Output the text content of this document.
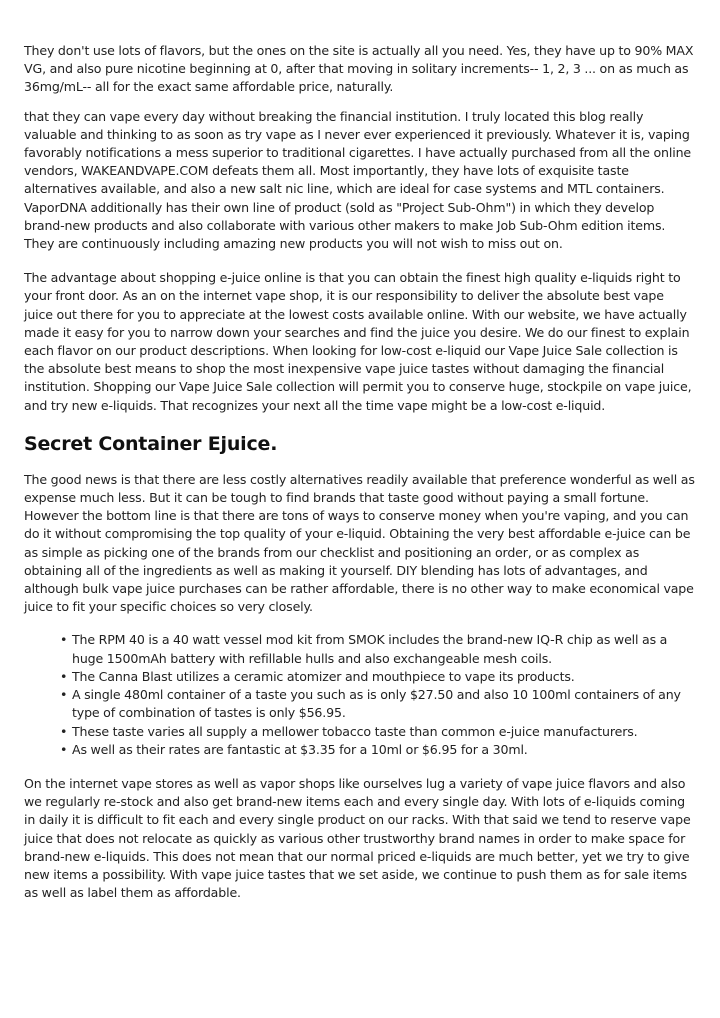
They don't use lots of flavors, but the ones on the site is actually all you need. Yes, they have up to 90% MAX VG, and also pure nicotine beginning at 0, after that moving in solitary increments-- 1, 2, 3 ... on as much as 36mg/mL-- all for the exact same affordable price, naturally.

that they can vape every day without breaking the financial institution. I truly located this blog really valuable and thinking to as soon as try vape as I never ever experienced it previously. Whatever it is, vaping favorably notifications a mess superior to traditional cigarettes. I have actually purchased from all the online vendors, WAKEANDVAPE.COM defeats them all. Most importantly, they have lots of exquisite taste alternatives available, and also a new salt nic line, which are ideal for case systems and MTL containers. VaporDNA additionally has their own line of product (sold as "Project Sub-Ohm") in which they develop brand-new products and also collaborate with various other makers to make Job Sub-Ohm edition items. They are continuously including amazing new products you will not wish to miss out on.

The advantage about shopping e-juice online is that you can obtain the finest high quality e-liquids right to your front door. As an on the internet vape shop, it is our responsibility to deliver the absolute best vape juice out there for you to appreciate at the lowest costs available online. With our website, we have actually made it easy for you to narrow down your searches and find the juice you desire. We do our finest to explain each flavor on our product descriptions. When looking for low-cost e-liquid our Vape Juice Sale collection is the absolute best means to shop the most inexpensive vape juice tastes without damaging the financial institution. Shopping our Vape Juice Sale collection will permit you to conserve huge, stockpile on vape juice, and try new e-liquids. That recognizes your next all the time vape might be a low-cost e-liquid.

Secret Container Ejuice.

The good news is that there are less costly alternatives readily available that preference wonderful as well as expense much less. But it can be tough to find brands that taste good without paying a small fortune. However the bottom line is that there are tons of ways to conserve money when you're vaping, and you can do it without compromising the top quality of your e-liquid. Obtaining the very best affordable e-juice can be as simple as picking one of the brands from our checklist and positioning an order, or as complex as obtaining all of the ingredients as well as making it yourself. DIY blending has lots of advantages, and although bulk vape juice purchases can be rather affordable, there is no other way to make economical vape juice to fit your specific choices so very closely.

• The RPM 40 is a 40 watt vessel mod kit from SMOK includes the brand-new IQ-R chip as well as a huge 1500mAh battery with refillable hulls and also exchangeable mesh coils.
• The Canna Blast utilizes a ceramic atomizer and mouthpiece to vape its products.
• A single 480ml container of a taste you such as is only $27.50 and also 10 100ml containers of any type of combination of tastes is only $56.95.
• These taste varies all supply a mellower tobacco taste than common e-juice manufacturers.
• As well as their rates are fantastic at $3.35 for a 10ml or $6.95 for a 30ml.

On the internet vape stores as well as vapor shops like ourselves lug a variety of vape juice flavors and also we regularly re-stock and also get brand-new items each and every single day. With lots of e-liquids coming in daily it is difficult to fit each and every single product on our racks. With that said we tend to reserve vape juice that does not relocate as quickly as various other trustworthy brand names in order to make space for brand-new e-liquids. This does not mean that our normal priced e-liquids are much better, yet we try to give new items a possibility. With vape juice tastes that we set aside, we continue to push them as for sale items as well as label them as affordable.
